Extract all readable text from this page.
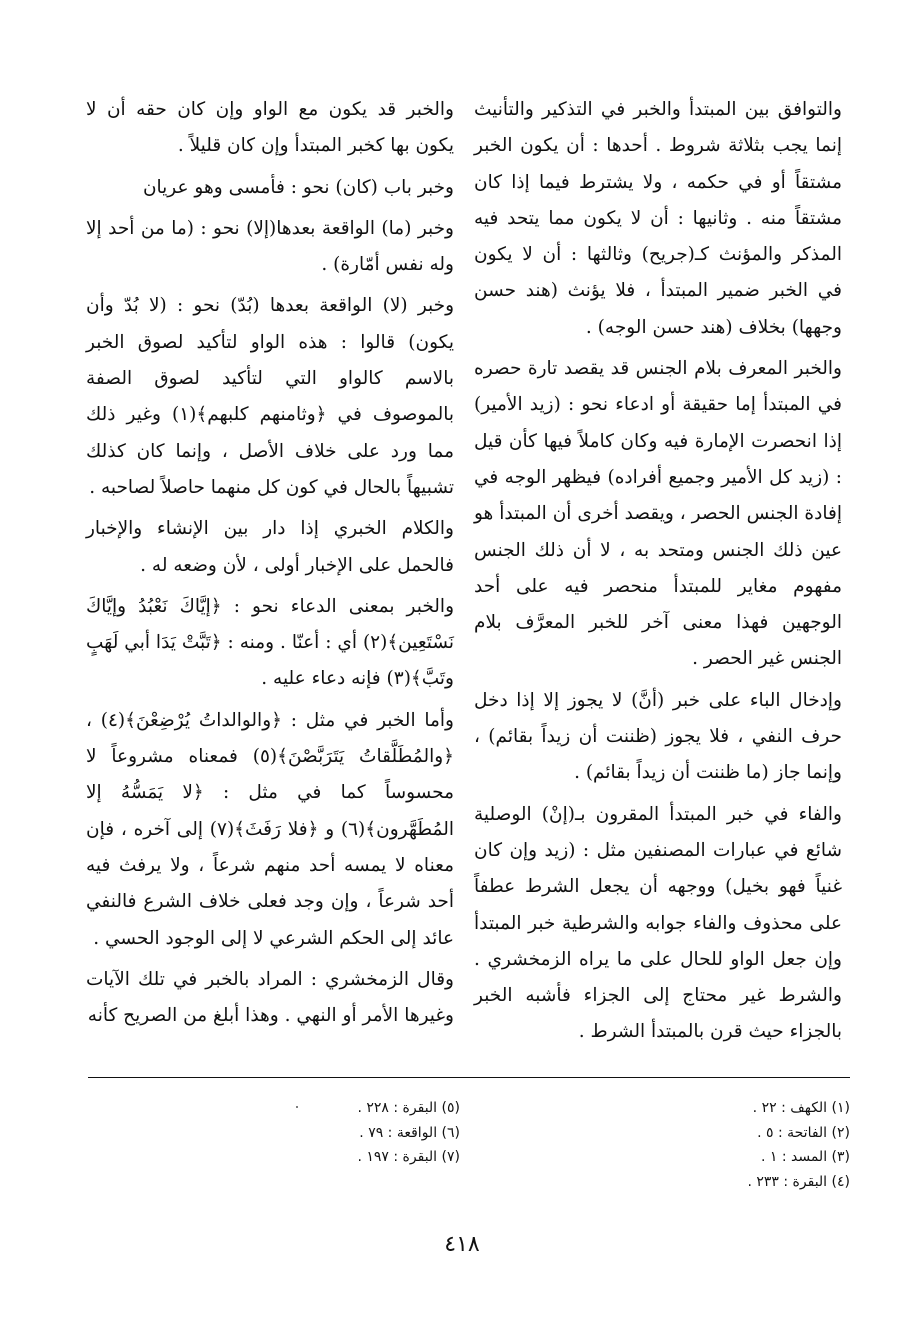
والتوافق بين المبتدأ والخبر في التذكير والتأنيث إنما يجب بثلاثة شروط . أحدها : أن يكون الخبر مشتقاً أو في حكمه ، ولا يشترط فيما إذا كان مشتقاً منه . وثانيها : أن لا يكون مما يتحد فيه المذكر والمؤنث كـ(جريح) وثالثها : أن لا يكون في الخبر ضمير المبتدأ ، فلا يؤنث (هند حسن وجهها) بخلاف (هند حسن الوجه) .

والخبر المعرف بلام الجنس قد يقصد تارة حصره في المبتدأ إما حقيقة أو ادعاء نحو : (زيد الأمير) إذا انحصرت الإمارة فيه وكان كاملاً فيها كأن قيل : (زيد كل الأمير وجميع أفراده) فيظهر الوجه في إفادة الجنس الحصر ، ويقصد أخرى أن المبتدأ هو عين ذلك الجنس ومتحد به ، لا أن ذلك الجنس مفهوم مغاير للمبتدأ منحصر فيه على أحد الوجهين فهذا معنى آخر للخبر المعرَّف بلام الجنس غير الحصر .

وإدخال الباء على خبر (أنَّ) لا يجوز إلا إذا دخل حرف النفي ، فلا يجوز (ظننت أن زيداً بقائم) ، وإنما جاز (ما ظننت أن زيداً بقائم) .

والفاء في خبر المبتدأ المقرون بـ(إنْ) الوصلية شائع في عبارات المصنفين مثل : (زيد وإن كان غنياً فهو بخيل) ووجهه أن يجعل الشرط عطفاً على محذوف والفاء جوابه والشرطية خبر المبتدأ وإن جعل الواو للحال على ما يراه الزمخشري . والشرط غير محتاج إلى الجزاء فأشبه الخبر بالجزاء حيث قرن بالمبتدأ الشرط .

والخبر قد يكون مع الواو وإن كان حقه أن لا يكون بها كخبر المبتدأ وإن كان قليلاً .

وخبر باب (كان) نحو : فأمسى وهو عريان

وخبر (ما) الواقعة بعدها(إلا) نحو : (ما من أحد إلا وله نفس أمّارة) .

وخبر (لا) الواقعة بعدها (بُدّ) نحو : (لا بُدّ وأن يكون) قالوا : هذه الواو لتأكيد لصوق الخبر بالاسم كالواو التي لتأكيد لصوق الصفة بالموصوف في ﴿وثامنهم كلبهم﴾(١) وغير ذلك مما ورد على خلاف الأصل ، وإنما كان كذلك تشبيهاً بالحال في كون كل منهما حاصلاً لصاحبه .

والكلام الخبري إذا دار بين الإنشاء والإخبار فالحمل على الإخبار أولى ، لأن وضعه له .

والخبر بمعنى الدعاء نحو : ﴿إيَّاكَ نَعْبُدُ وإيَّاكَ نَسْتَعِين﴾(٢) أي : أعنّا . ومنه : ﴿تَبَّتْ يَدَا أبي لَهَبٍ وتَبَّ﴾(٣) فإنه دعاء عليه .

وأما الخبر في مثل : ﴿والوالداتُ يُرْضِعْنَ﴾(٤) ، ﴿والمُطَلَّقاتُ يَتَرَبَّصْنَ﴾(٥) فمعناه مشروعاً لا محسوساً كما في مثل : ﴿لا يَمَسُّهُ إلا المُطَهَّرون﴾(٦) و ﴿فلا رَفَثَ﴾(٧) إلى آخره ، فإن معناه لا يمسه أحد منهم شرعاً ، ولا يرفث فيه أحد شرعاً ، وإن وجد فعلى خلاف الشرع فالنفي عائد إلى الحكم الشرعي لا إلى الوجود الحسي .

وقال الزمخشري : المراد بالخبر في تلك الآيات وغيرها الأمر أو النهي . وهذا أبلغ من الصريح كأنه

(١) الكهف : ٢٢ .

(٢) الفاتحة : ٥ .

(٣) المسد : ١ .

(٤) البقرة : ٢٣٣ .

(٥) البقرة : ٢٢٨ .

(٦) الواقعة : ٧٩ .

(٧) البقرة : ١٩٧ .

٤١٨
